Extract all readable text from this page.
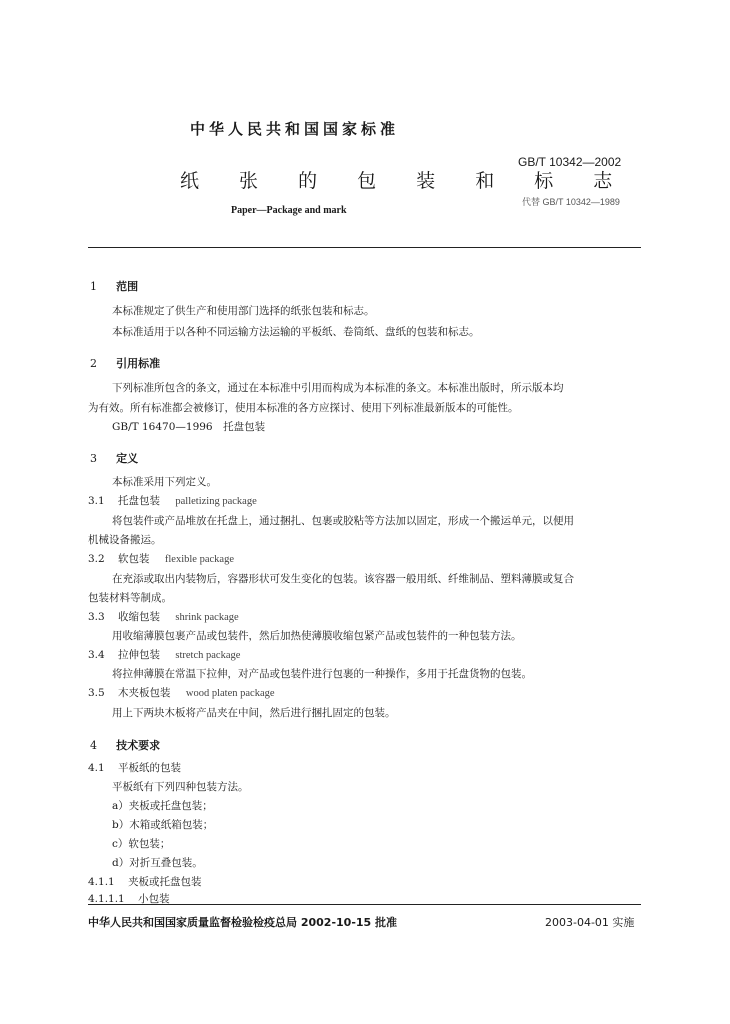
中华人民共和国国家标准
纸 张 的 包 装 和 标 志
Paper—Package and mark
GB/T 10342—2002
代替 GB/T 10342—1989
1 范围
本标准规定了供生产和使用部门选择的纸张包装和标志。
本标准适用于以各种不同运输方法运输的平板纸、卷筒纸、盘纸的包装和标志。
2 引用标准
下列标准所包含的条文，通过在本标准中引用而构成为本标准的条文。本标准出版时，所示版本均
为有效。所有标准都会被修订，使用本标准的各方应探讨、使用下列标准最新版本的可能性。
GB/T 16470—1996　托盘包装
3 定义
本标准采用下列定义。
3.1 托盘包装 palletizing package
将包装件或产品堆放在托盘上，通过捆扎、包裹或胶粘等方法加以固定，形成一个搬运单元，以便用
机械设备搬运。
3.2 软包装 flexible package
在充添或取出内装物后，容器形状可发生变化的包装。该容器一般用纸、纤维制品、塑料薄膜或复合
包装材料等制成。
3.3 收缩包装 shrink package
用收缩薄膜包裹产品或包装件，然后加热使薄膜收缩包紧产品或包装件的一种包装方法。
3.4 拉伸包装 stretch package
将拉伸薄膜在常温下拉伸，对产品或包装件进行包裹的一种操作，多用于托盘货物的包装。
3.5 木夹板包装 wood platen package
用上下两块木板将产品夹在中间，然后进行捆扎固定的包装。
4 技术要求
4.1 平板纸的包装
平板纸有下列四种包装方法。
a）夹板或托盘包装；
b）木箱或纸箱包装；
c）软包装；
d）对折互叠包装。
4.1.1 夹板或托盘包装
4.1.1.1 小包装
中华人民共和国国家质量监督检验检疫总局 2002-10-15 批准	2003-04-01 实施
